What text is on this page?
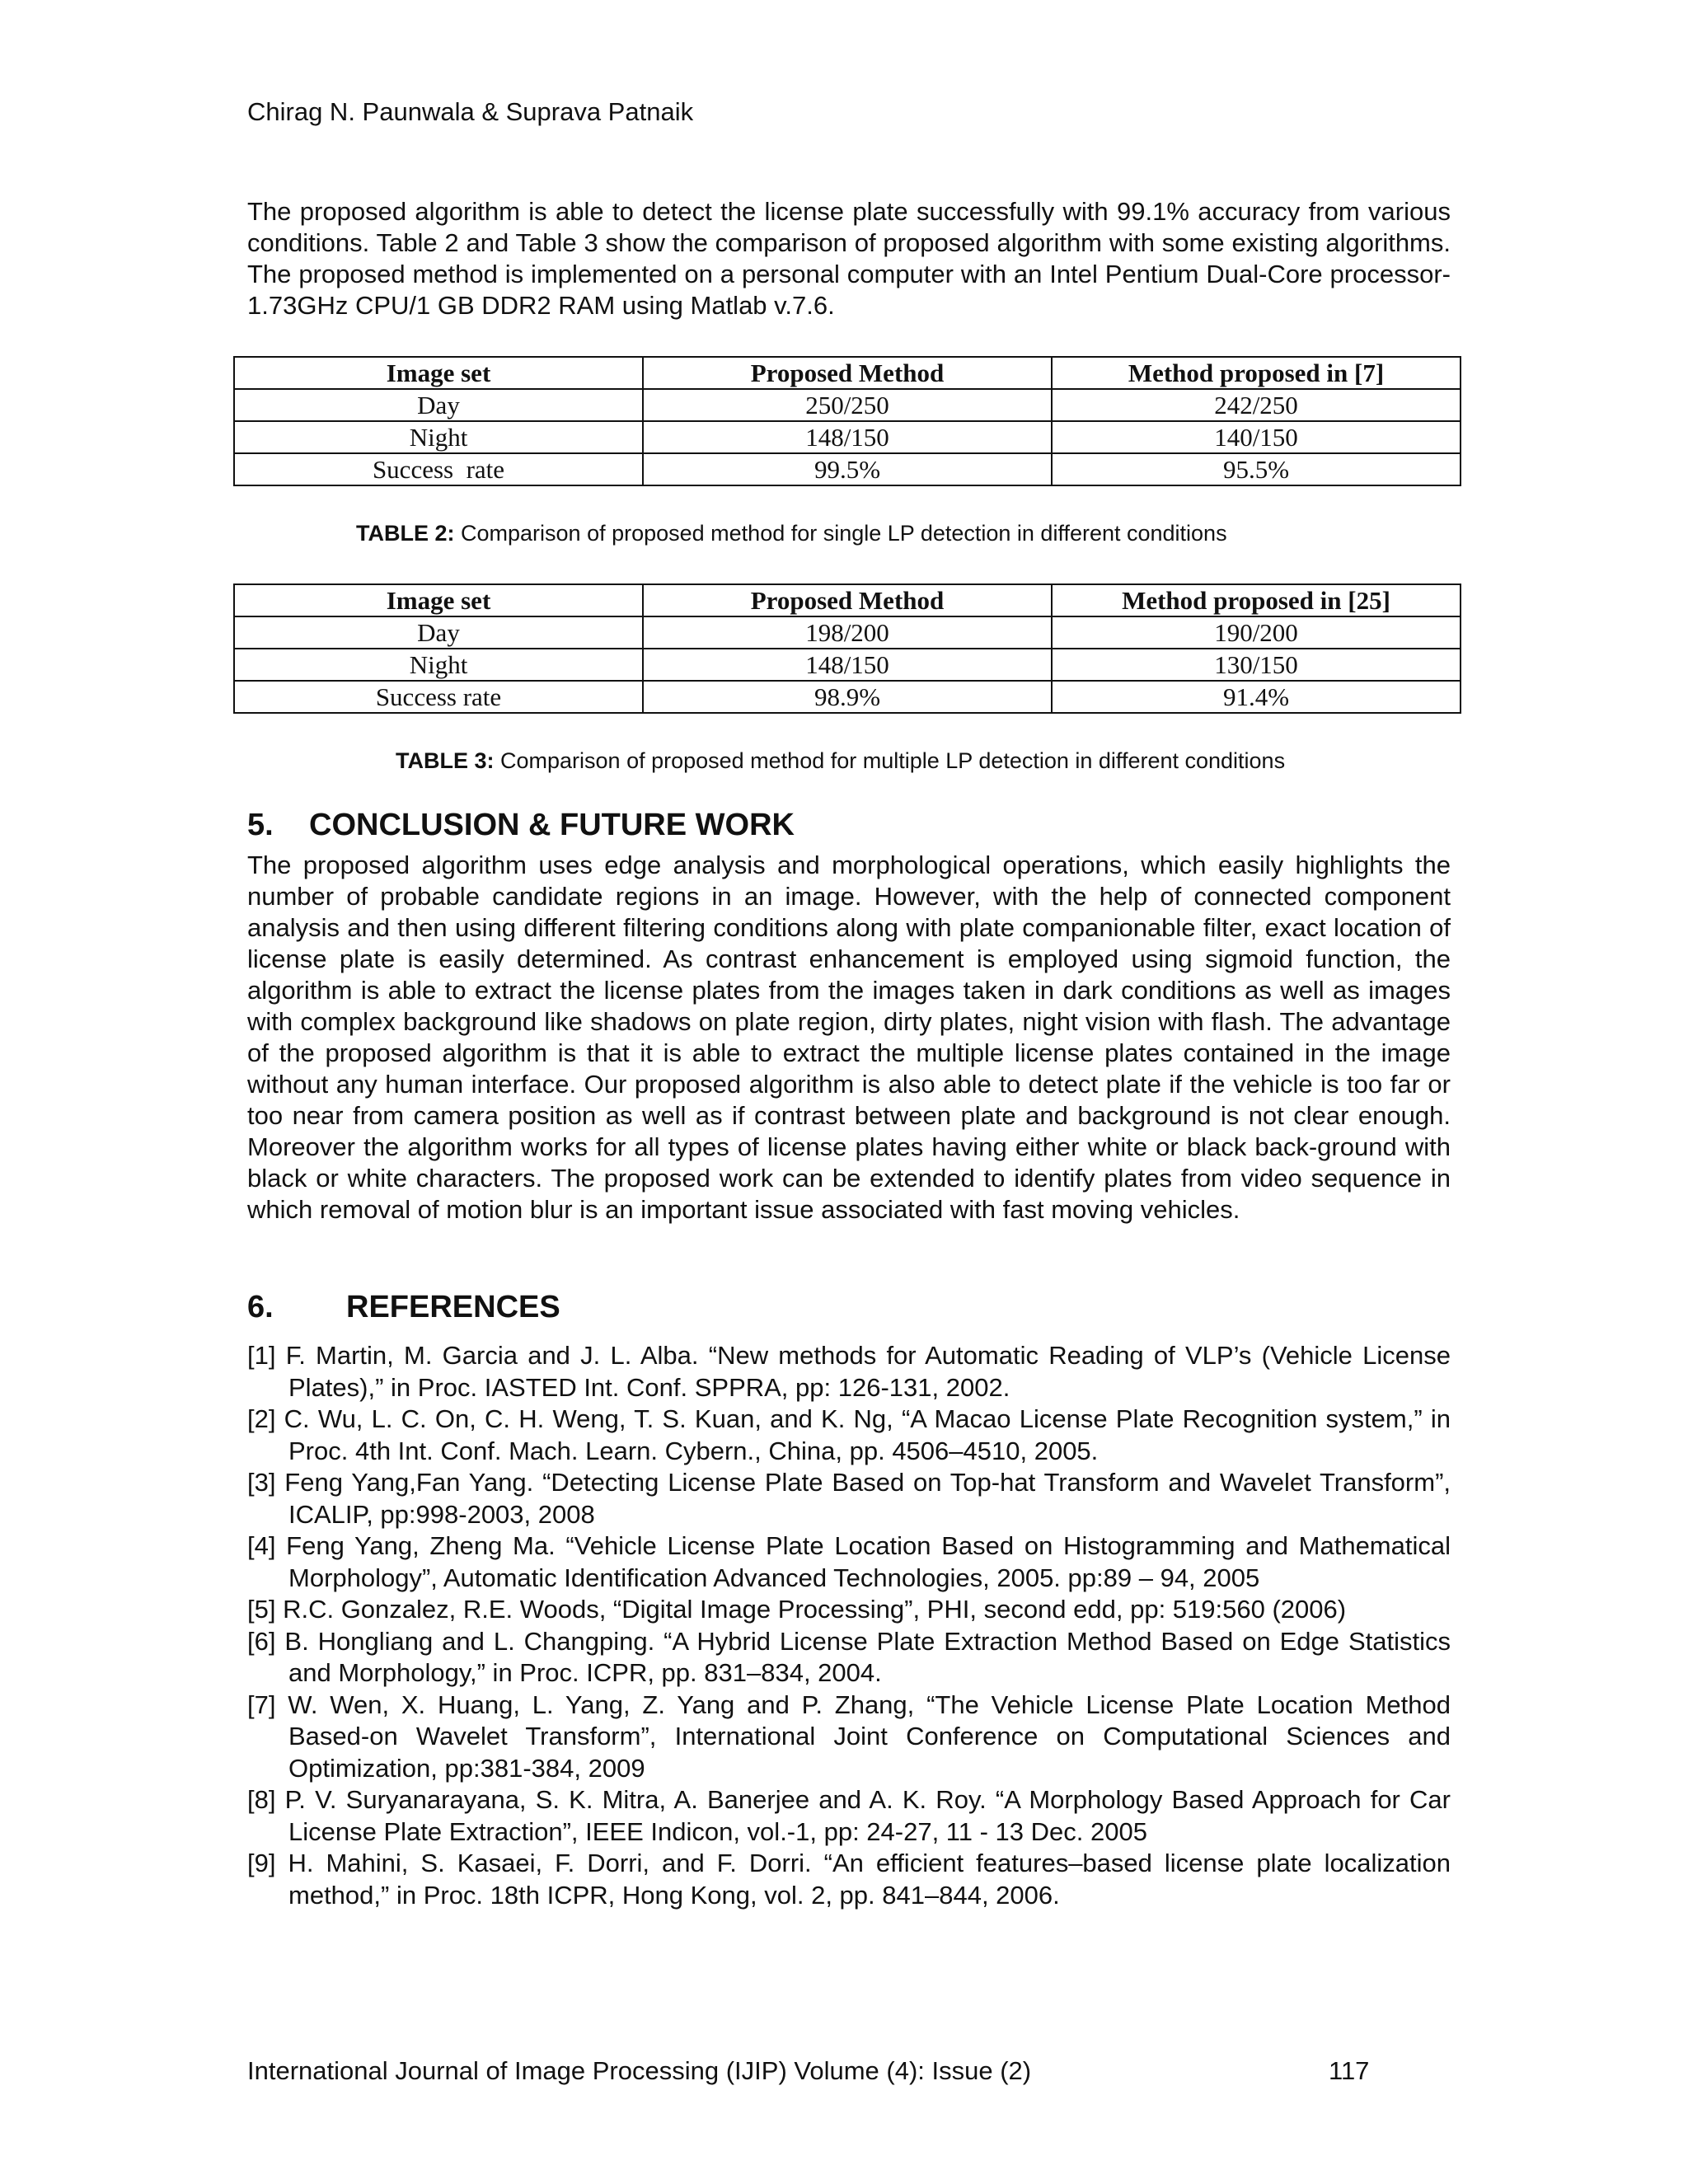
Chirag N. Paunwala & Suprava Patnaik

The proposed algorithm is able to detect the license plate successfully with 99.1% accuracy from various conditions. Table 2 and Table 3 show the comparison of proposed algorithm with some existing algorithms. The proposed method is implemented on a personal computer with an Intel Pentium Dual-Core processor-1.73GHz CPU/1 GB DDR2 RAM using Matlab v.7.6.

Image set	Proposed Method	Method proposed in [7]
Day	250/250	242/250
Night	148/150	140/150
Success  rate	99.5%	95.5%
TABLE 2: Comparison of proposed method for single LP detection in different conditions
Image set	Proposed Method	Method proposed in [25]
Day	198/200	190/200
Night	148/150	130/150
Success rate	98.9%	91.4%
TABLE 3: Comparison of proposed method for multiple LP detection in different conditions
5. CONCLUSION & FUTURE WORK

The proposed algorithm uses edge analysis and morphological operations, which easily highlights the number of probable candidate regions in an image. However, with the help of connected component analysis and then using different filtering conditions along with plate companionable filter, exact location of license plate is easily determined. As contrast enhancement is employed using sigmoid function, the algorithm is able to extract the license plates from the images taken in dark conditions as well as images with complex background like shadows on plate region, dirty plates, night vision with flash. The advantage of the proposed algorithm is that it is able to extract the multiple license plates contained in the image without any human interface. Our proposed algorithm is also able to detect plate if the vehicle is too far or too near from camera position as well as if contrast between plate and background is not clear enough. Moreover the algorithm works for all types of license plates having either white or black back-ground with black or white characters. The proposed work can be extended to identify plates from video sequence in which removal of motion blur is an important issue associated with fast moving vehicles.

6. REFERENCES

[1] F. Martin, M. Garcia and J. L. Alba. “New methods for Automatic Reading of VLP’s (Vehicle License Plates),” in Proc. IASTED Int. Conf. SPPRA, pp: 126-131, 2002.

[2] C. Wu, L. C. On, C. H. Weng, T. S. Kuan, and K. Ng, “A Macao License Plate Recognition system,” in Proc. 4th Int. Conf. Mach. Learn. Cybern., China, pp. 4506–4510, 2005.

[3] Feng Yang,Fan Yang. “Detecting License Plate Based on Top-hat Transform and Wavelet Transform”, ICALIP, pp:998-2003, 2008

[4] Feng Yang, Zheng Ma. “Vehicle License Plate Location Based on Histogramming and Mathematical Morphology”, Automatic Identification Advanced Technologies, 2005. pp:89 – 94, 2005

[5] R.C. Gonzalez, R.E. Woods, “Digital Image Processing”, PHI, second edd, pp: 519:560 (2006)

[6] B. Hongliang and L. Changping. “A Hybrid License Plate Extraction Method Based on Edge Statistics and Morphology,” in Proc. ICPR, pp. 831–834, 2004.

[7] W. Wen, X. Huang, L. Yang, Z. Yang and P. Zhang, “The Vehicle License Plate Location Method Based-on Wavelet Transform”, International Joint Conference on Computational Sciences and Optimization, pp:381-384, 2009

[8] P. V. Suryanarayana, S. K. Mitra, A. Banerjee and A. K. Roy. “A Morphology Based Approach for Car License Plate Extraction”, IEEE Indicon, vol.-1, pp: 24-27, 11 - 13 Dec. 2005

[9] H. Mahini, S. Kasaei, F. Dorri, and F. Dorri. “An efficient features–based license plate localization method,” in Proc. 18th ICPR, Hong Kong, vol. 2, pp. 841–844, 2006.

International Journal of Image Processing (IJIP) Volume (4): Issue (2)	117
